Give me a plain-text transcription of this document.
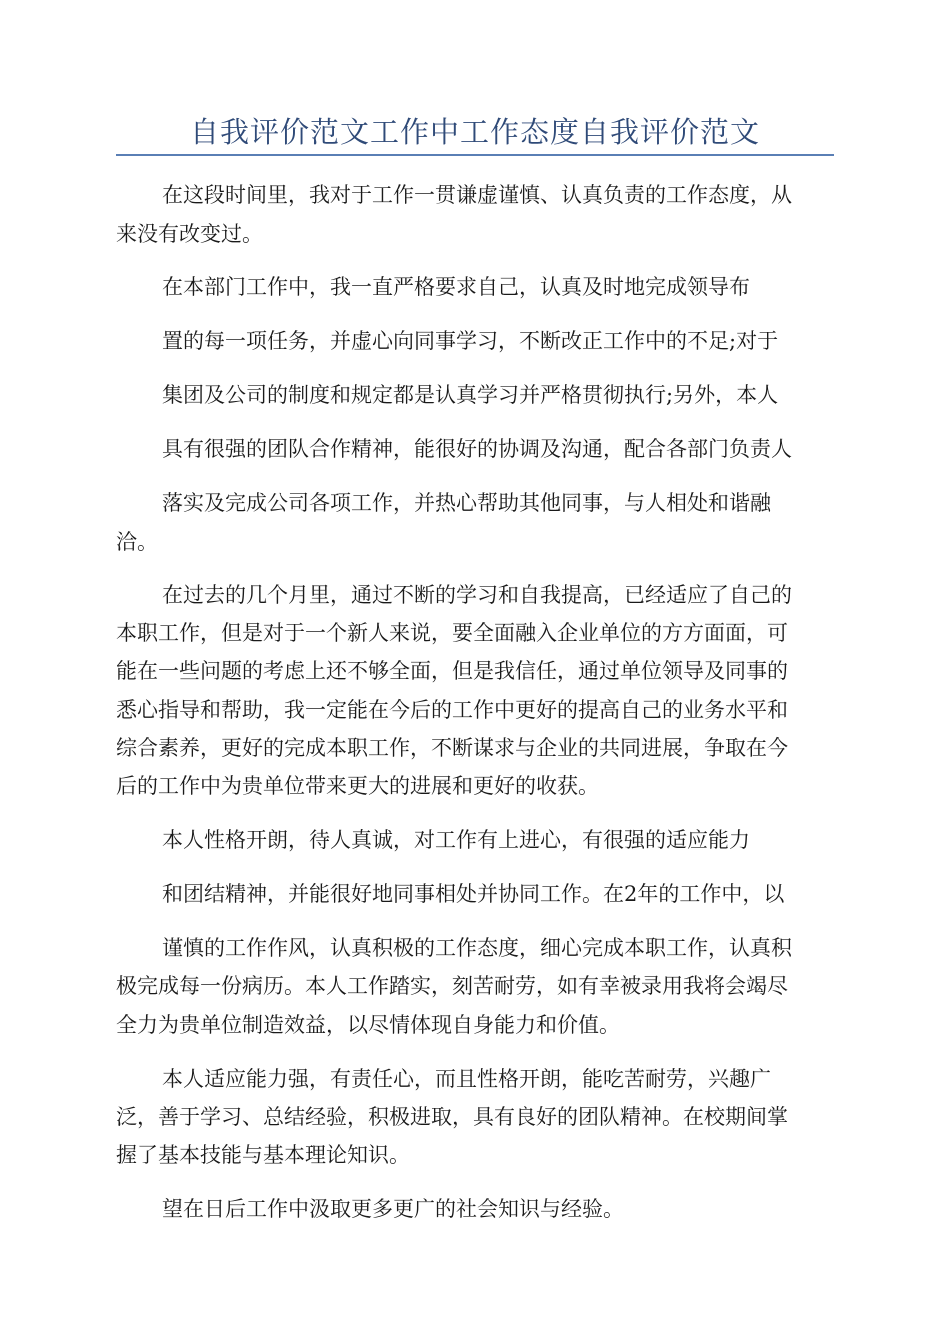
自我评价范文工作中工作态度自我评价范文
在这段时间里，我对于工作一贯谦虚谨慎、认真负责的工作态度，从
来没有改变过。
在本部门工作中，我一直严格要求自己，认真及时地完成领导布
置的每一项任务，并虚心向同事学习，不断改正工作中的不足;对于
集团及公司的制度和规定都是认真学习并严格贯彻执行;另外，本人
具有很强的团队合作精神，能很好的协调及沟通，配合各部门负责人
落实及完成公司各项工作，并热心帮助其他同事，与人相处和谐融
洽。
在过去的几个月里，通过不断的学习和自我提高，已经适应了自己的
本职工作，但是对于一个新人来说，要全面融入企业单位的方方面面，可
能在一些问题的考虑上还不够全面，但是我信任，通过单位领导及同事的
悉心指导和帮助，我一定能在今后的工作中更好的提高自己的业务水平和
综合素养，更好的完成本职工作，不断谋求与企业的共同进展，争取在今
后的工作中为贵单位带来更大的进展和更好的收获。
本人性格开朗，待人真诚，对工作有上进心，有很强的适应能力
和团结精神，并能很好地同事相处并协同工作。在2年的工作中，以
谨慎的工作作风，认真积极的工作态度，细心完成本职工作，认真积
极完成每一份病历。本人工作踏实，刻苦耐劳，如有幸被录用我将会竭尽
全力为贵单位制造效益，以尽情体现自身能力和价值。
本人适应能力强，有责任心，而且性格开朗，能吃苦耐劳，兴趣广
泛，善于学习、总结经验，积极进取，具有良好的团队精神。在校期间掌
握了基本技能与基本理论知识。
望在日后工作中汲取更多更广的社会知识与经验。
